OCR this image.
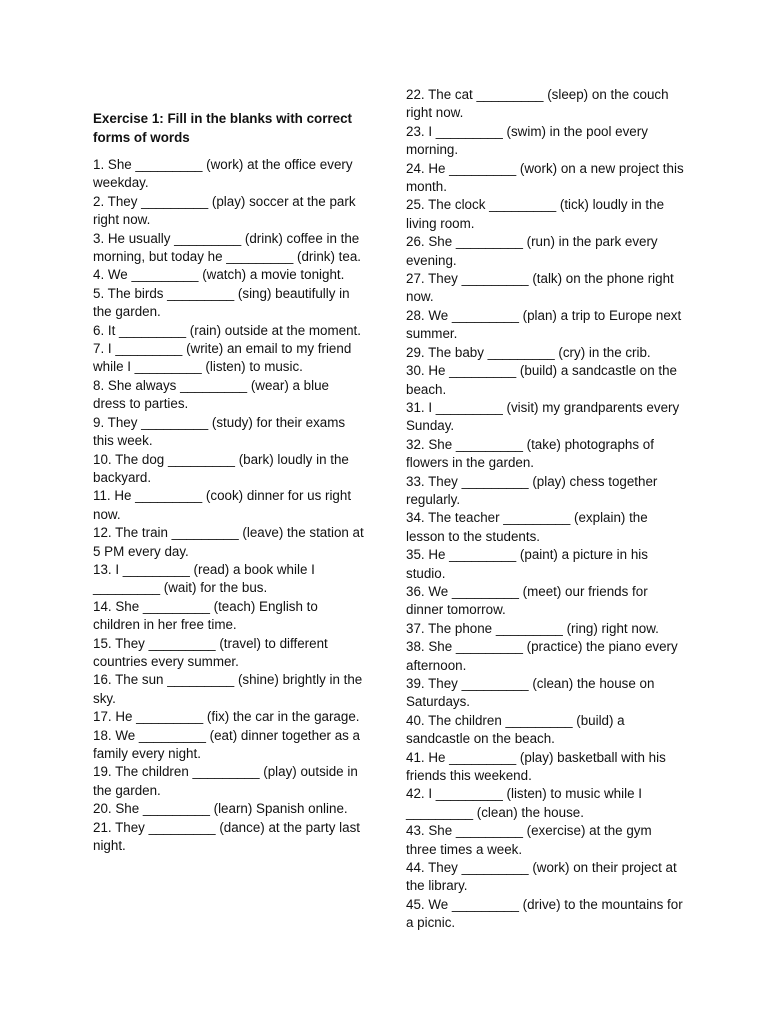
Exercise 1: Fill in the blanks with correct forms of words
1. She _________ (work) at the office every weekday.
2. They _________ (play) soccer at the park right now.
3. He usually _________ (drink) coffee in the morning, but today he _________ (drink) tea.
4. We _________ (watch) a movie tonight.
5. The birds _________ (sing) beautifully in the garden.
6. It _________ (rain) outside at the moment.
7. I _________ (write) an email to my friend while I _________ (listen) to music.
8. She always _________ (wear) a blue dress to parties.
9. They _________ (study) for their exams this week.
10. The dog _________ (bark) loudly in the backyard.
11. He _________ (cook) dinner for us right now.
12. The train _________ (leave) the station at 5 PM every day.
13. I _________ (read) a book while I _________ (wait) for the bus.
14. She _________ (teach) English to children in her free time.
15. They _________ (travel) to different countries every summer.
16. The sun _________ (shine) brightly in the sky.
17. He _________ (fix) the car in the garage.
18. We _________ (eat) dinner together as a family every night.
19. The children _________ (play) outside in the garden.
20. She _________ (learn) Spanish online.
21. They _________ (dance) at the party last night.
22. The cat _________ (sleep) on the couch right now.
23. I _________ (swim) in the pool every morning.
24. He _________ (work) on a new project this month.
25. The clock _________ (tick) loudly in the living room.
26. She _________ (run) in the park every evening.
27. They _________ (talk) on the phone right now.
28. We _________ (plan) a trip to Europe next summer.
29. The baby _________ (cry) in the crib.
30. He _________ (build) a sandcastle on the beach.
31. I _________ (visit) my grandparents every Sunday.
32. She _________ (take) photographs of flowers in the garden.
33. They _________ (play) chess together regularly.
34. The teacher _________ (explain) the lesson to the students.
35. He _________ (paint) a picture in his studio.
36. We _________ (meet) our friends for dinner tomorrow.
37. The phone _________ (ring) right now.
38. She _________ (practice) the piano every afternoon.
39. They _________ (clean) the house on Saturdays.
40. The children _________ (build) a sandcastle on the beach.
41. He _________ (play) basketball with his friends this weekend.
42. I _________ (listen) to music while I _________ (clean) the house.
43. She _________ (exercise) at the gym three times a week.
44. They _________ (work) on their project at the library.
45. We _________ (drive) to the mountains for a picnic.
